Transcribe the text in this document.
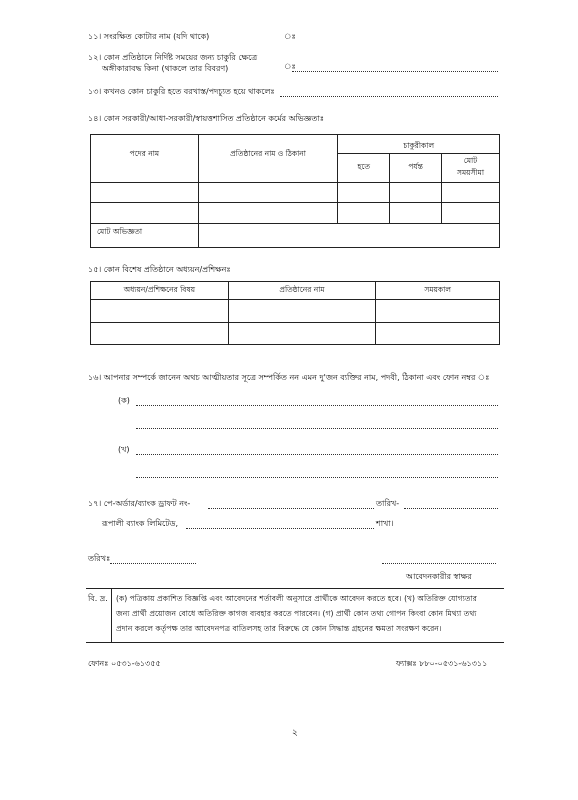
১১। সংরক্ষিত কোটার নাম (যদি থাকে)	ঃ
১২। কোন প্রতিষ্ঠানে নির্দিষ্ট সময়ের জন্য চাকুরি ক্ষেত্রে
অঙ্গীকারাবদ্ধ কিনা (থাকলে তার বিবরণ)	ঃ
১৩। কখনও কোন চাকুরি হতে বরখাস্ত/পদচ্যুত হয়ে থাকলেঃ
১৪। কোন সরকারী/আধা-সরকারী/স্বায়ত্তশাসিত প্রতিষ্ঠানে কর্মের অভিজ্ঞতাঃ
পদের নাম	প্রতিষ্ঠানের নাম ও ঠিকানা	চাকুরীকাল		
		হতে	পর্যন্ত	মোট
সময়সীমা

মোট অভিজ্ঞতা				
১৫। কোন বিশেষ প্রতিষ্ঠানে অধ্যয়ন/প্রশিক্ষনঃ
অধ্যয়ন/প্রশিক্ষনের বিষয়	প্রতিষ্ঠানের নাম	সময়কাল

১৬। আপনার সম্পর্কে জানেন অথচ আত্মীয়তার সূত্রে সম্পর্কিত নন এমন দু'জন ব্যক্তির নাম, পদবী, ঠিকানা এবং ফোন নম্বর ঃ
(ক)
(খ)
১৭। পে-অর্ডার/ব্যাংক ড্রাফট নং-	তারিখ-
রূপালী ব্যাংক লিমিটেড,	শাখা।
তরিখঃ
আবেদনকারীর স্বাক্ষর
বি. দ্র. (ক) পত্রিকায় প্রকাশিত বিজ্ঞপ্তি এবং আবেদনের শর্তাবলী অনুসারে প্রার্থীকে আবেদন করতে হবে। (খ) অতিরিক্ত যোগ্যতার
জন্য প্রার্থী প্রয়োজন বোধে অতিরিক্ত কাগজ ব্যবহার করতে পারবেন। (গ) প্রার্থী কোন তথ্য গোপন কিংবা কোন মিথ্যা তথ্য
প্রদান করলে কর্তৃপক্ষ তার আবেদনপত্র বাতিলসহ তার বিরুদ্ধে যে কোন সিদ্ধান্ত গ্রহনের ক্ষমতা সংরক্ষণ করেন।
ফোনঃ ০৫৩১-৬১৩৫৫	ফ্যাক্সঃ ৮৮০-০৫৩১-৬১৩১১
২
